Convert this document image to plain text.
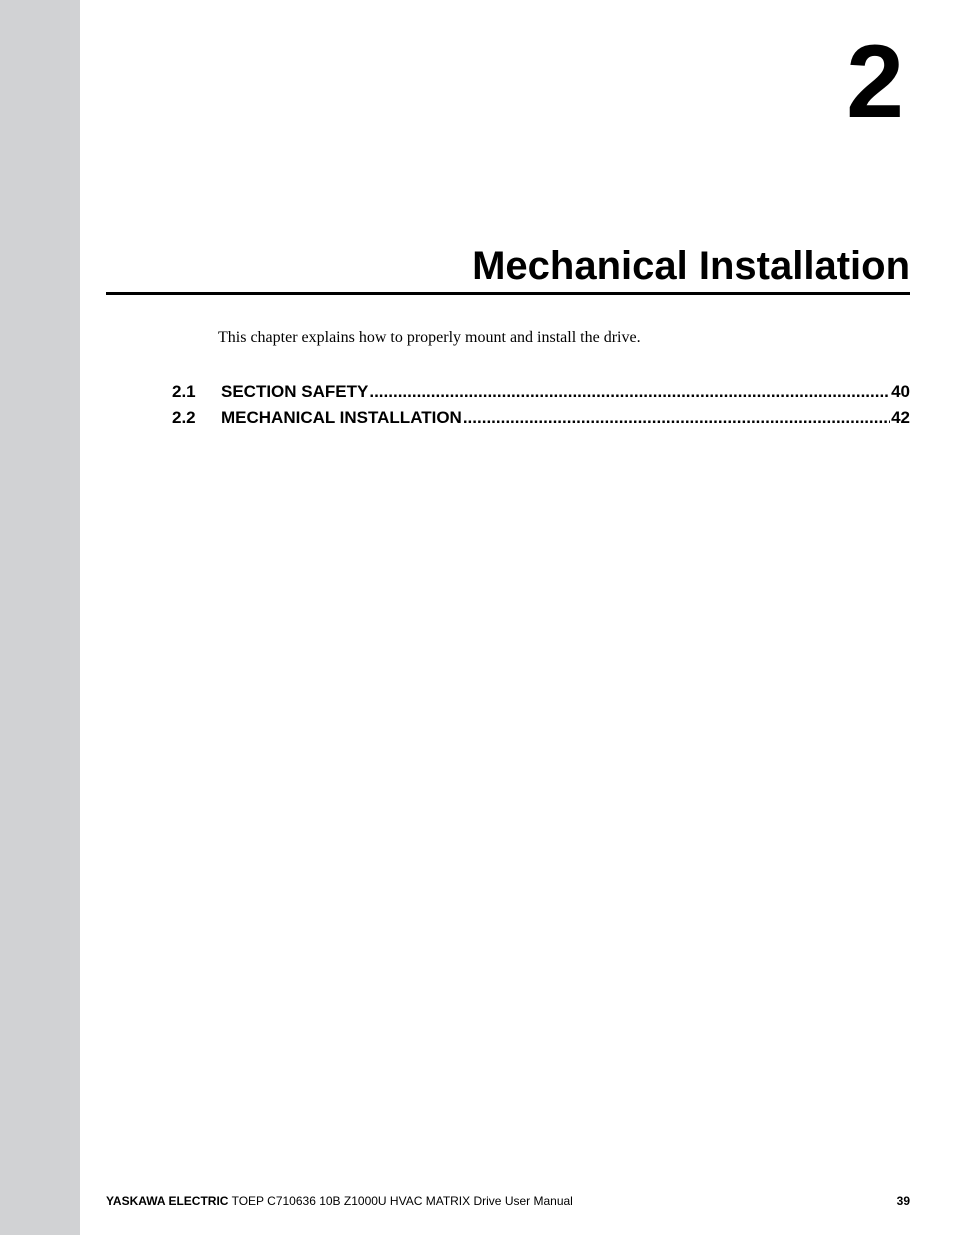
2
Mechanical Installation
This chapter explains how to properly mount and install the drive.
2.1	SECTION SAFETY .....	40
2.2	MECHANICAL INSTALLATION .....	42
YASKAWA ELECTRIC TOEP C710636 10B Z1000U HVAC MATRIX Drive User Manual	39
